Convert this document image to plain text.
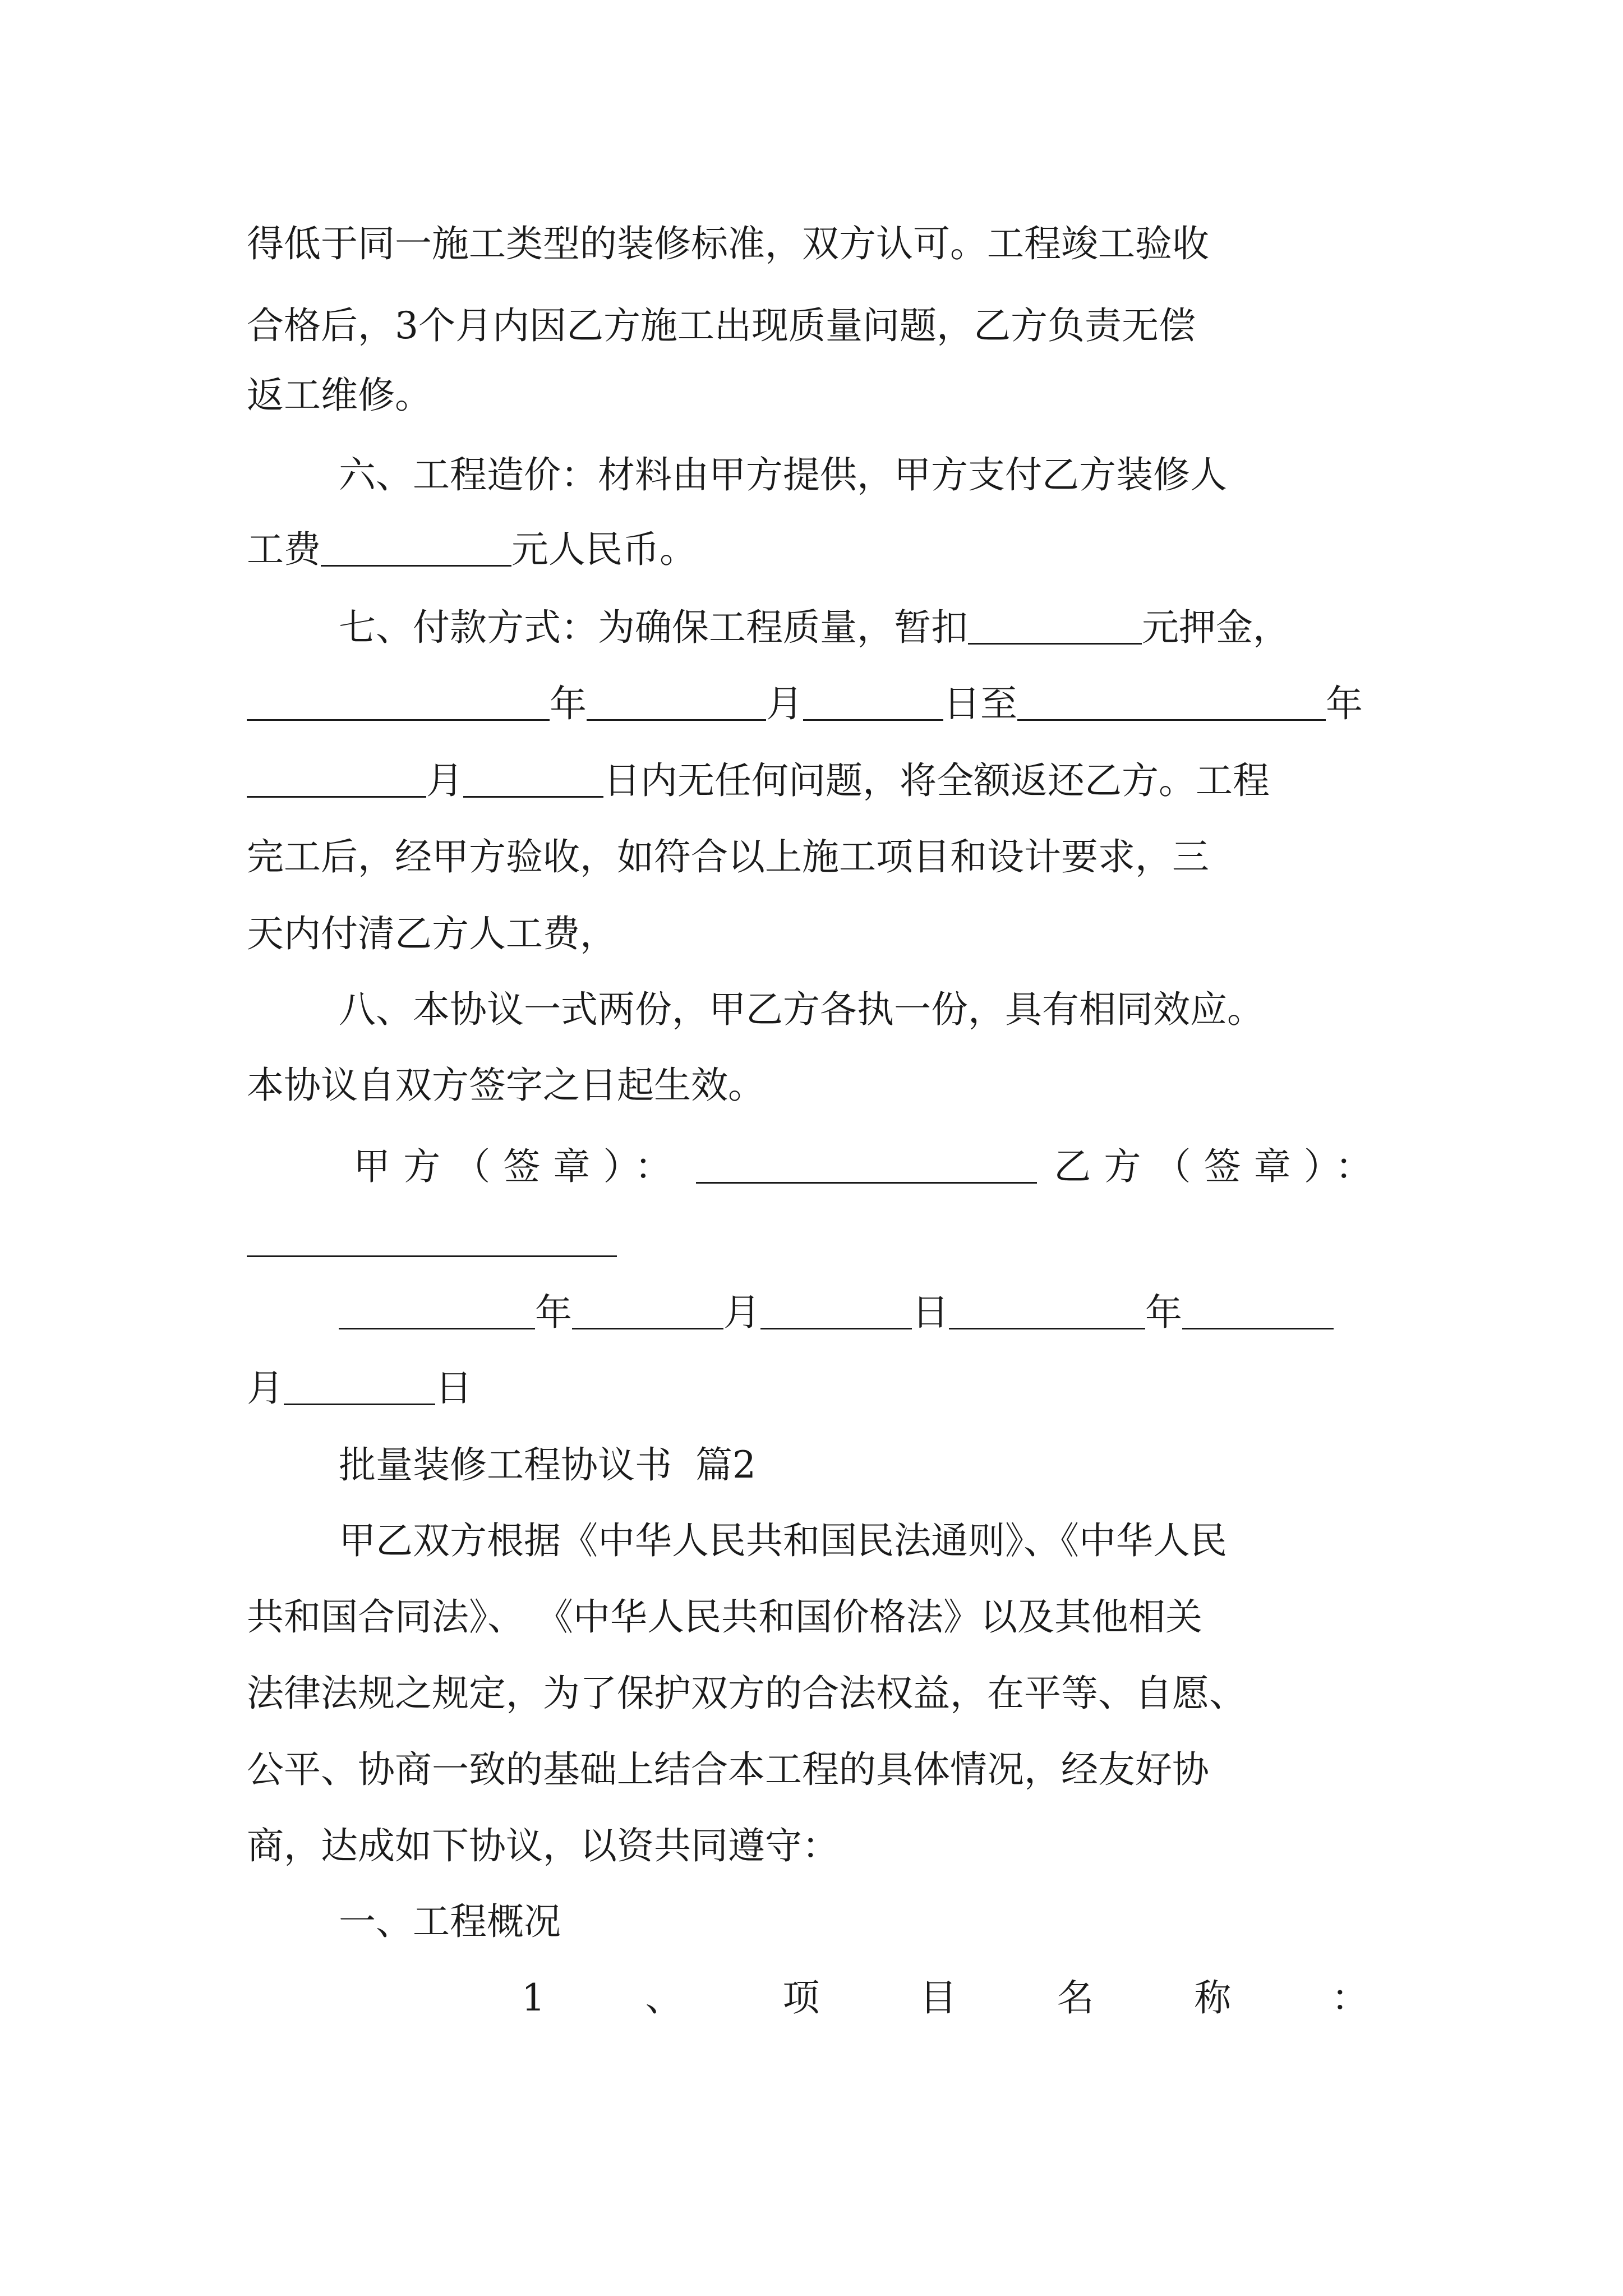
得低于同一施工类型的装修标准，双方认可。工程竣工验收
合格后，3个月内因乙方施工出现质量问题，乙方负责无偿
返工维修。
六、工程造价：材料由甲方提供，甲方支付乙方装修人
工费	元人民币。
七、付款方式：为确保工程质量，暂扣	元押金，
年	月	日至	年
月	日内无任何问题，将全额返还乙方。工程
完工后，经甲方验收，如符合以上施工项目和设计要求，三
天内付清乙方人工费，
八、本协议一式两份，甲乙方各执一份，具有相同效应。
本协议自双方签字之日起生效。
甲方（签章）：	乙方（签章）：
年	月	日	年
月	日
批量装修工程协议书  篇2
甲乙双方根据《中华人民共和国民法通则》、《中华人民
共和国合同法》、 《中华人民共和国价格法》以及其他相关
法律法规之规定，为了保护双方的合法权益，在平等、自愿、
公平、协商一致的基础上结合本工程的具体情况，经友好协
商，达成如下协议，以资共同遵守：
一、工程概况
1	、	项	目	名	称	：
